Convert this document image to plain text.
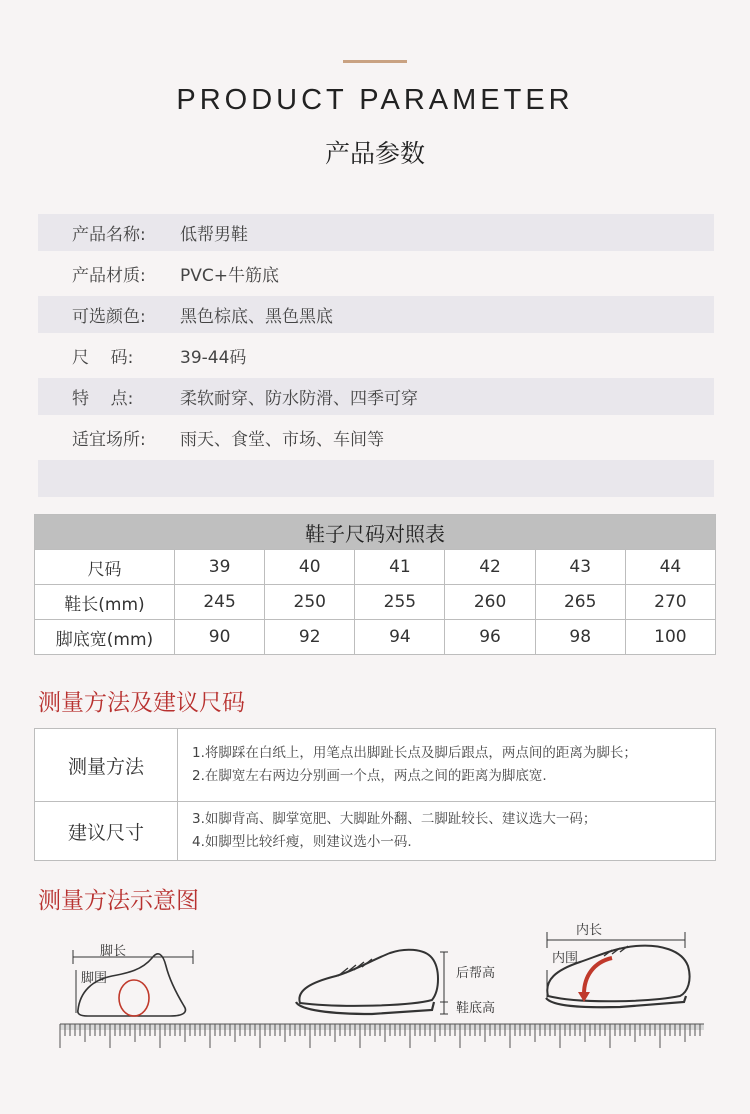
PRODUCT PARAMETER
产品参数
产品名称:	低帮男鞋
产品材质:	PVC+牛筋底
可选颜色:	黑色棕底、黑色黑底
尺    码:	39-44码
特    点:	柔软耐穿、防水防滑、四季可穿
适宜场所:	雨天、食堂、市场、车间等
鞋子尺码对照表						
尺码	39	40	41	42	43	44
鞋长(mm)	245	250	255	260	265	270
脚底宽(mm)	90	92	94	96	98	100
测量方法及建议尺码
测量方法	1.将脚踩在白纸上，用笔点出脚趾长点及脚后跟点，两点间的距离为脚长；
2.在脚宽左右两边分别画一个点，两点之间的距离为脚底宽.

建议尺寸	3.如脚背高、脚掌宽肥、大脚趾外翻、二脚趾较长、建议选大一码；
4.如脚型比较纤瘦，则建议选小一码.
测量方法示意图
脚长
脚围	后帮高
鞋底高
内长
内围
